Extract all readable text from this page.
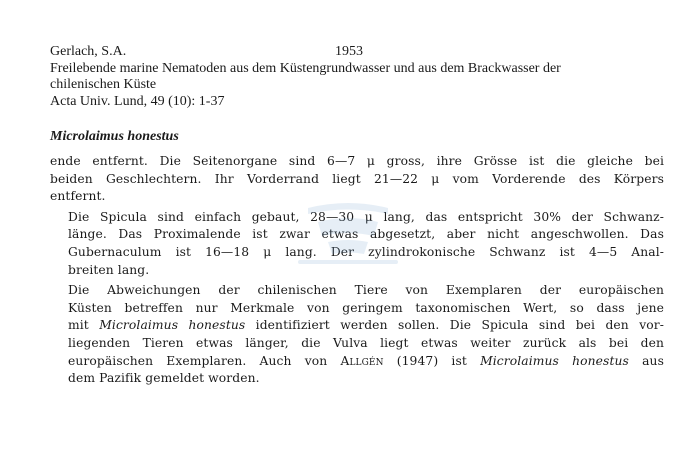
Gerlach, S.A.	1953
Freilebende marine Nematoden aus dem Küstengrundwasser und aus dem Brackwasser der
chilenischen Küste
Acta Univ. Lund, 49 (10): 1-37
Microlaimus honestus
ende entfernt. Die Seitenorgane sind 6—7 μ gross, ihre Grösse ist die gleiche bei
beiden Geschlechtern. Ihr Vorderrand liegt 21—22 μ vom Vorderende des Körpers
entfernt.
Die Spicula sind einfach gebaut, 28—30 μ lang, das entspricht 30% der Schwanz-
länge. Das Proximalende ist zwar etwas abgesetzt, aber nicht angeschwollen. Das
Gubernaculum ist 16—18 μ lang. Der zylindrokonische Schwanz ist 4—5 Anal-
breiten lang.
Die Abweichungen der chilenischen Tiere von Exemplaren der europäischen
Küsten betreffen nur Merkmale von geringem taxonomischen Wert, so dass jene
mit Microlaimus honestus identifiziert werden sollen. Die Spicula sind bei den vor-
liegenden Tieren etwas länger, die Vulva liegt etwas weiter zurück als bei den
europäischen Exemplaren. Auch von Allgén (1947) ist Microlaimus honestus aus
dem Pazifik gemeldet worden.
